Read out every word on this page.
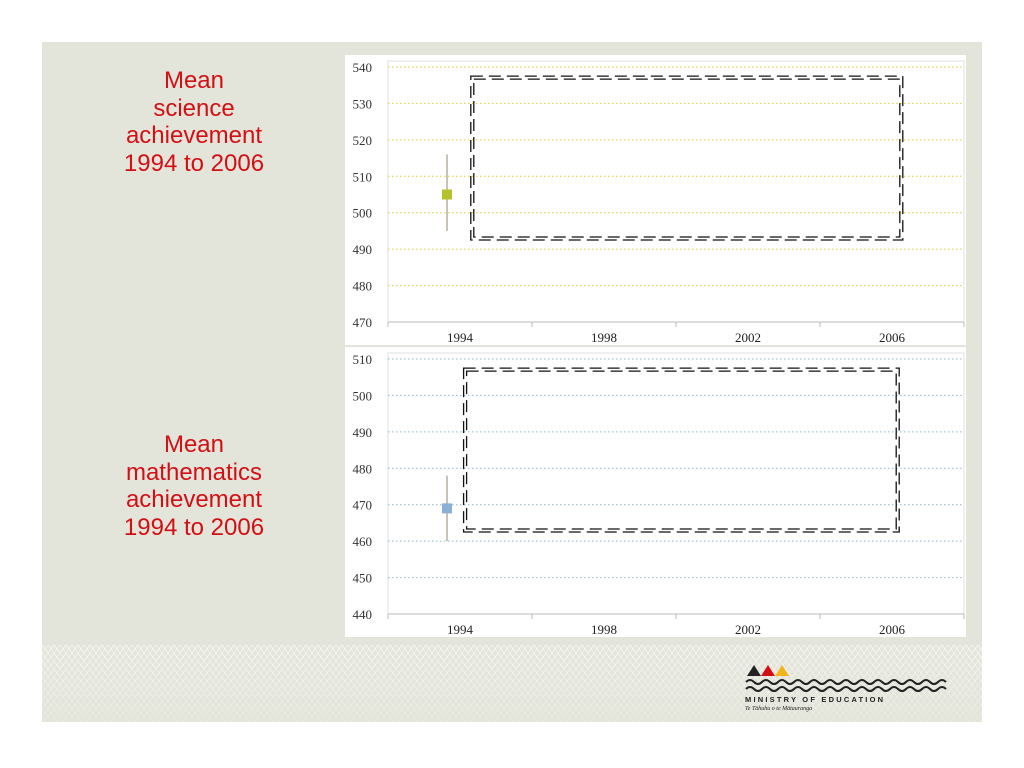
Mean
science
achievement
1994 to 2006
Mean
mathematics
achievement
1994 to 2006
470
480
490
500
510
520
530
540
1994	1998	2002	2006
440
450
460
470
480
490
500
510
1994	1998	2002	2006
MINISTRY OF EDUCATION
Te Tāhuhu o te Mātauranga
